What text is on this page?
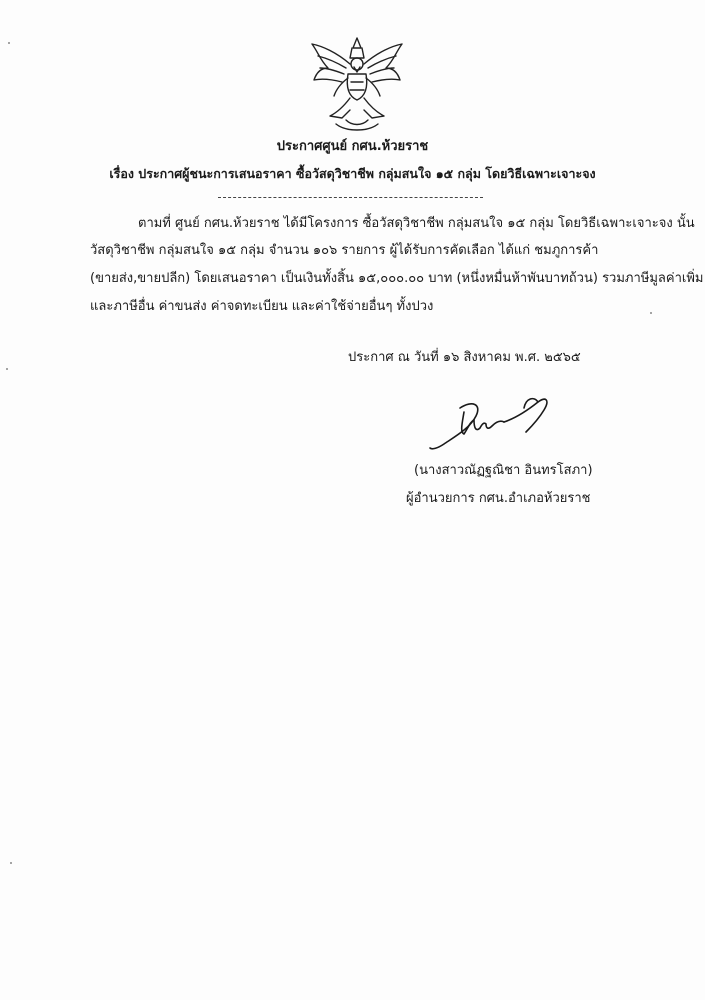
ประกาศศูนย์ กศน.ห้วยราช
เรื่อง ประกาศผู้ชนะการเสนอราคา ซื้อวัสดุวิชาชีพ กลุ่มสนใจ ๑๕ กลุ่ม โดยวิธีเฉพาะเจาะจง
ตามที่ ศูนย์ กศน.ห้วยราช ได้มีโครงการ ซื้อวัสดุวิชาชีพ กลุ่มสนใจ ๑๕ กลุ่ม โดยวิธีเฉพาะเจาะจง นั้น
วัสดุวิชาชีพ กลุ่มสนใจ ๑๕ กลุ่ม จำนวน ๑๐๖ รายการ ผู้ได้รับการคัดเลือก ได้แก่ ชมภูการค้า
(ขายส่ง,ขายปลีก) โดยเสนอราคา เป็นเงินทั้งสิ้น ๑๕,๐๐๐.๐๐ บาท (หนึ่งหมื่นห้าพันบาทถ้วน) รวมภาษีมูลค่าเพิ่ม
และภาษีอื่น ค่าขนส่ง ค่าจดทะเบียน และค่าใช้จ่ายอื่นๆ ทั้งปวง
ประกาศ ณ วันที่ ๑๖ สิงหาคม พ.ศ. ๒๕๖๕
(นางสาวณัฏฐณิชา อินทรโสภา)
ผู้อำนวยการ กศน.อำเภอห้วยราช
